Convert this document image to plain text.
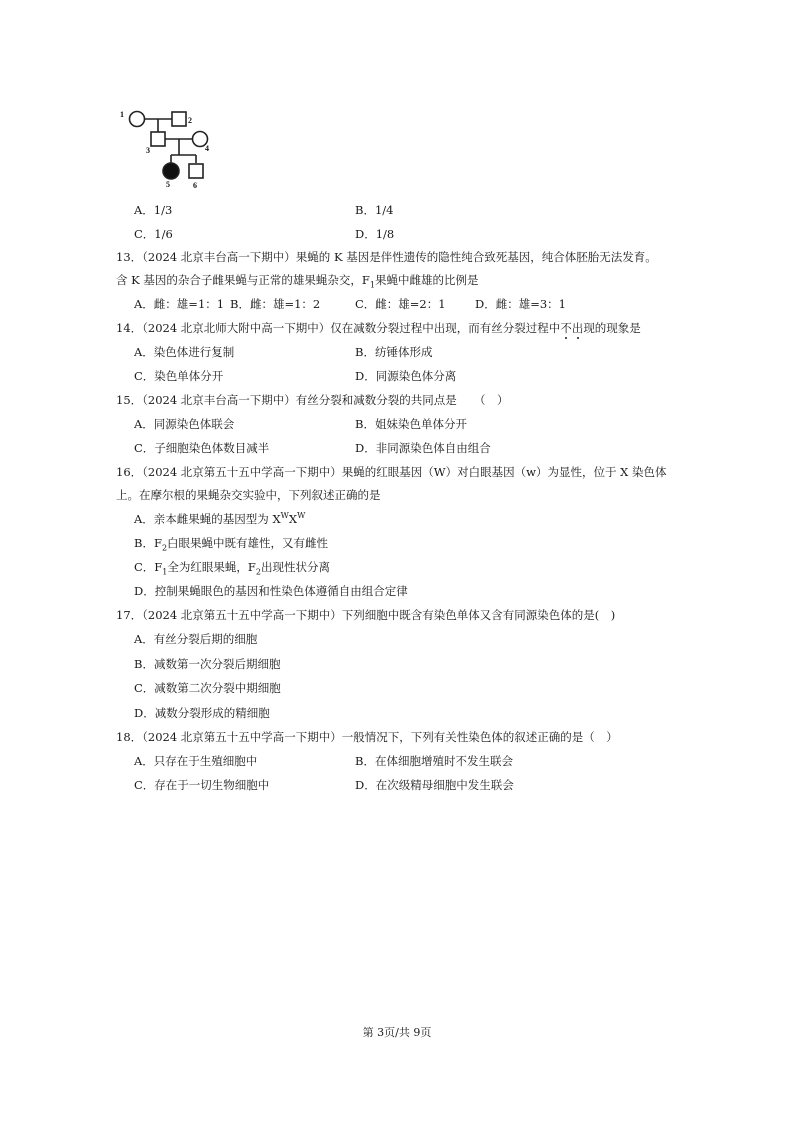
1
2
3	4
5	6
A．1/3	B．1/4
C．1/6	D．1/8
13．（2024 北京丰台高一下期中）果蝇的 K 基因是伴性遗传的隐性纯合致死基因，纯合体胚胎无法发育。
含 K 基因的杂合子雌果蝇与正常的雄果蝇杂交，$F_1$果蝇中雌雄的比例是
A．雌：雄=1：1 B．雌：雄=1：2	C．雌：雄=2：1	D．雌：雄=3：1
14．（2024 北京北师大附中高一下期中）仅在减数分裂过程中出现，而有丝分裂过程中不出现的现象是
A．染色体进行复制	B．纺锤体形成
C．染色单体分开	D．同源染色体分离
15．（2024 北京丰台高一下期中）有丝分裂和减数分裂的共同点是　　（　）
A．同源染色体联会	B．姐妹染色单体分开
C．子细胞染色体数目减半	D．非同源染色体自由组合
16．（2024 北京第五十五中学高一下期中）果蝇的红眼基因（W）对白眼基因（w）为显性，位于 X 染色体
上。在摩尔根的果蝇杂交实验中，下列叙述正确的是
A．亲本雌果蝇的基因型为 $X^WX^W$
B．$F_2$白眼果蝇中既有雄性，又有雌性
C．$F_1$全为红眼果蝇，$F_2$出现性状分离
D．控制果蝇眼色的基因和性染色体遵循自由组合定律
17．（2024 北京第五十五中学高一下期中）下列细胞中既含有染色单体又含有同源染色体的是(　)
A．有丝分裂后期的细胞
B．减数第一次分裂后期细胞
C．减数第二次分裂中期细胞
D．减数分裂形成的精细胞
18．（2024 北京第五十五中学高一下期中）一般情况下，下列有关性染色体的叙述正确的是（　）
A．只存在于生殖细胞中	B．在体细胞增殖时不发生联会
C．存在于一切生物细胞中	D．在次级精母细胞中发生联会
第 3页/共 9页
